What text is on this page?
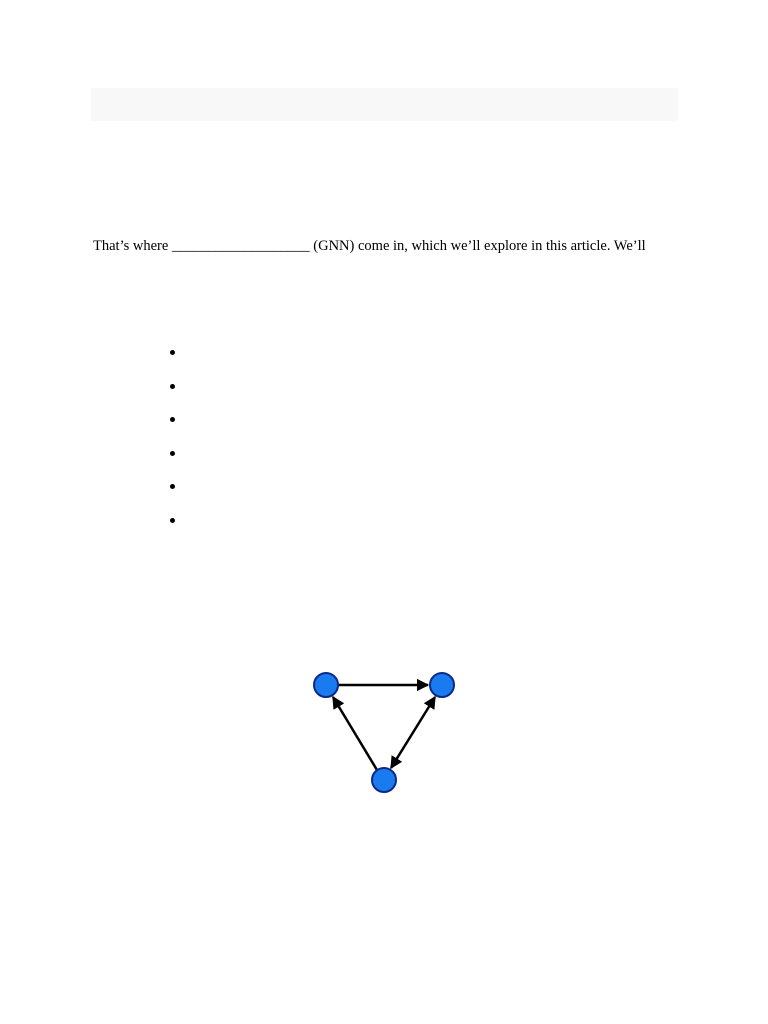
That’s where ___________________ (GNN) come in, which we’ll explore in this article. We’ll
